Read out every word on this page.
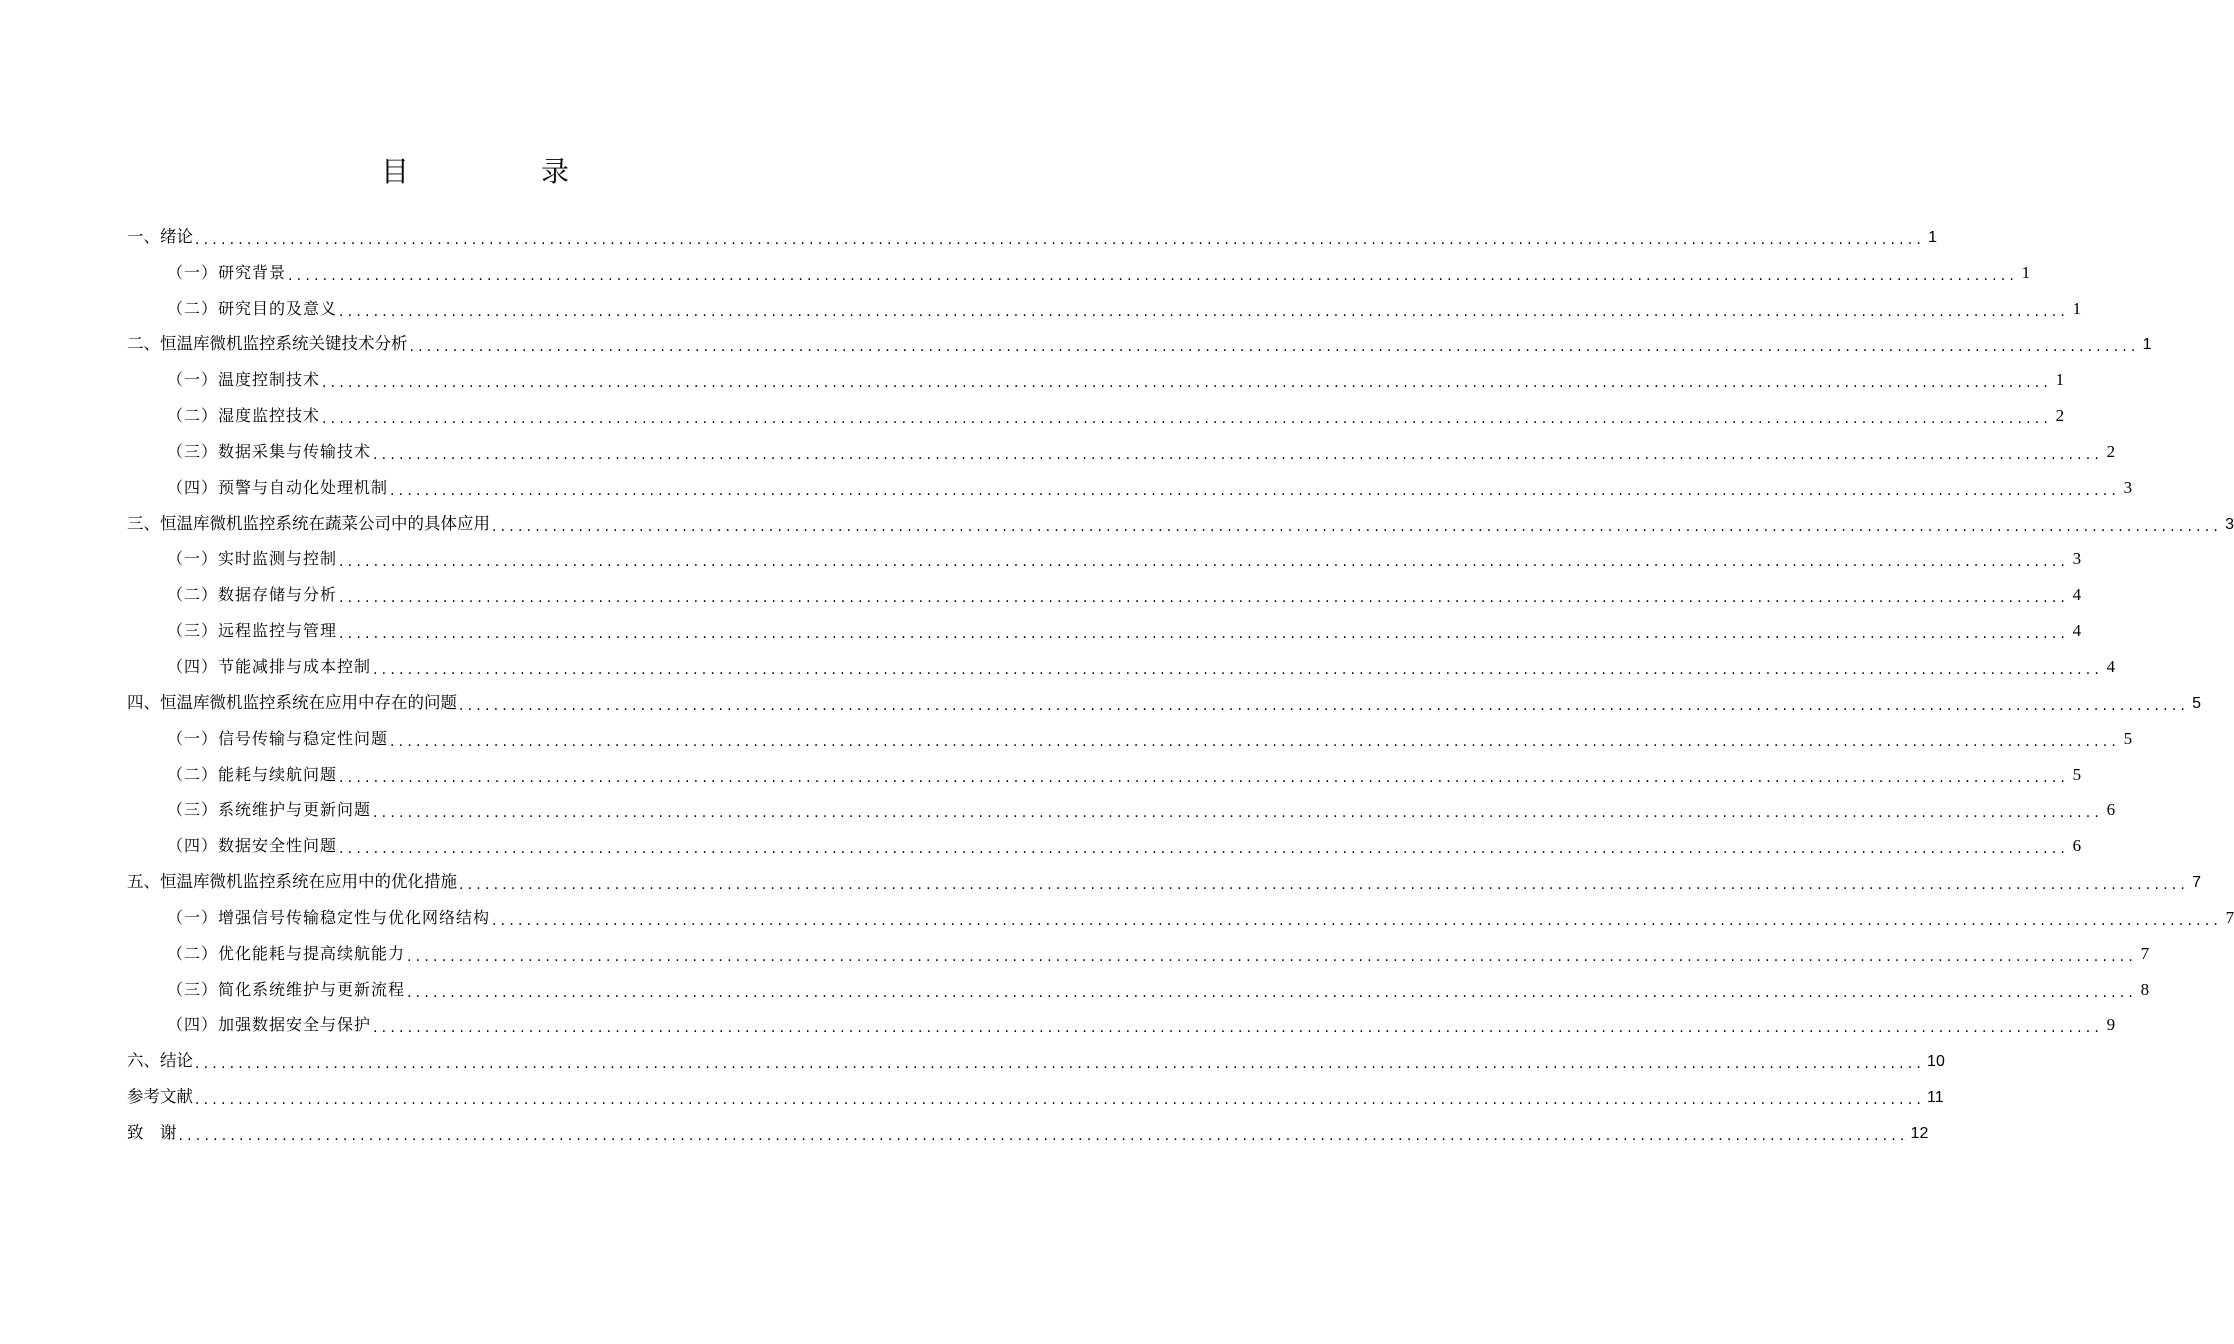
目　录
一、绪论 ........................................................................................................................................................................................................ 1
（一）研究背景 ........................................................................................................................................................................................................ 1
（二）研究目的及意义 ........................................................................................................................................................................................................ 1
二、恒温库微机监控系统关键技术分析 ........................................................................................................................................................................................................ 1
（一）温度控制技术 ........................................................................................................................................................................................................ 1
（二）湿度监控技术 ........................................................................................................................................................................................................ 2
（三）数据采集与传输技术 ........................................................................................................................................................................................................ 2
（四）预警与自动化处理机制 ........................................................................................................................................................................................................ 3
三、恒温库微机监控系统在蔬菜公司中的具体应用 ........................................................................................................................................................................................................ 3
（一）实时监测与控制 ........................................................................................................................................................................................................ 3
（二）数据存储与分析 ........................................................................................................................................................................................................ 4
（三）远程监控与管理 ........................................................................................................................................................................................................ 4
（四）节能减排与成本控制 ........................................................................................................................................................................................................ 4
四、恒温库微机监控系统在应用中存在的问题 ........................................................................................................................................................................................................ 5
（一）信号传输与稳定性问题 ........................................................................................................................................................................................................ 5
（二）能耗与续航问题 ........................................................................................................................................................................................................ 5
（三）系统维护与更新问题 ........................................................................................................................................................................................................ 6
（四）数据安全性问题 ........................................................................................................................................................................................................ 6
五、恒温库微机监控系统在应用中的优化措施 ........................................................................................................................................................................................................ 7
（一）增强信号传输稳定性与优化网络结构 ........................................................................................................................................................................................................ 7
（二）优化能耗与提高续航能力 ........................................................................................................................................................................................................ 7
（三）简化系统维护与更新流程 ........................................................................................................................................................................................................ 8
（四）加强数据安全与保护 ........................................................................................................................................................................................................ 9
六、结论 ........................................................................................................................................................................................................ 10
参考文献 ........................................................................................................................................................................................................ 11
致　谢 ........................................................................................................................................................................................................ 12
